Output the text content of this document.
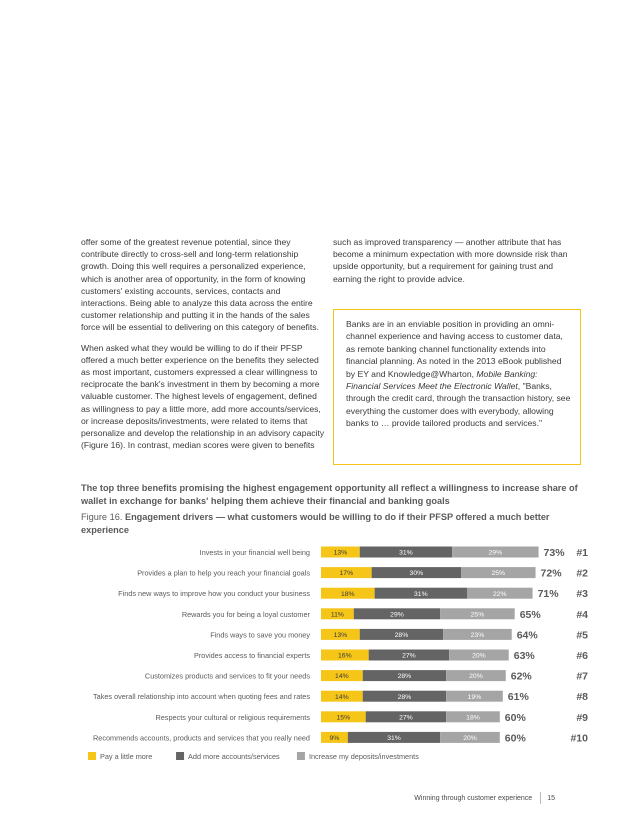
offer some of the greatest revenue potential, since they contribute directly to cross-sell and long-term relationship growth. Doing this well requires a personalized experience, which is another area of opportunity, in the form of knowing customers' existing accounts, services, contacts and interactions. Being able to analyze this data across the entire customer relationship and putting it in the hands of the sales force will be essential to delivering on this category of benefits.

When asked what they would be willing to do if their PFSP offered a much better experience on the benefits they selected as most important, customers expressed a clear willingness to reciprocate the bank's investment in them by becoming a more valuable customer. The highest levels of engagement, defined as willingness to pay a little more, add more accounts/services, or increase deposits/investments, were related to items that personalize and develop the relationship in an advisory capacity (Figure 16). In contrast, median scores were given to benefits

such as improved transparency — another attribute that has become a minimum expectation with more downside risk than upside opportunity, but a requirement for gaining trust and earning the right to provide advice.

Banks are in an enviable position in providing an omni-channel experience and having access to customer data, as remote banking channel functionality extends into financial planning. As noted in the 2013 eBook published by EY and Knowledge@Wharton, Mobile Banking: Financial Services Meet the Electronic Wallet, "Banks, through the credit card, through the transaction history, see everything the customer does with everybody, allowing banks to … provide tailored products and services."
The top three benefits promising the highest engagement opportunity all reflect a willingness to increase share of wallet in exchange for banks' helping them achieve their financial and banking goals
Figure 16. Engagement drivers — what customers would be willing to do if their PFSP offered a much better experience
Invests in your financial well being	13%	31%	29%	73% #1
Provides a plan to help you reach your financial goals	17%	30%	25%	72% #2
Finds new ways to improve how you conduct your business	18%	31%	22%	71% #3
Rewards you for being a loyal customer	11%	29%	25%	65%	#4
Finds ways to save you money	13%	28%	23%	64%	#5
Provides access to financial experts	16%	27%	20%	63%	#6
Customizes products and services to fit your needs	14%	28%	20%	62%	#7
Takes overall relationship into account when quoting fees and rates	14%	28%	19%	61%	#8
Respects your cultural or religious requirements	15%	27%	18% 60%	#9
Recommends accounts, products and services that you really need	9%	31%	20%	60%	#10
Pay a little more	Add more accounts/services	Increase my deposits/investments
Winning through customer experience 15
